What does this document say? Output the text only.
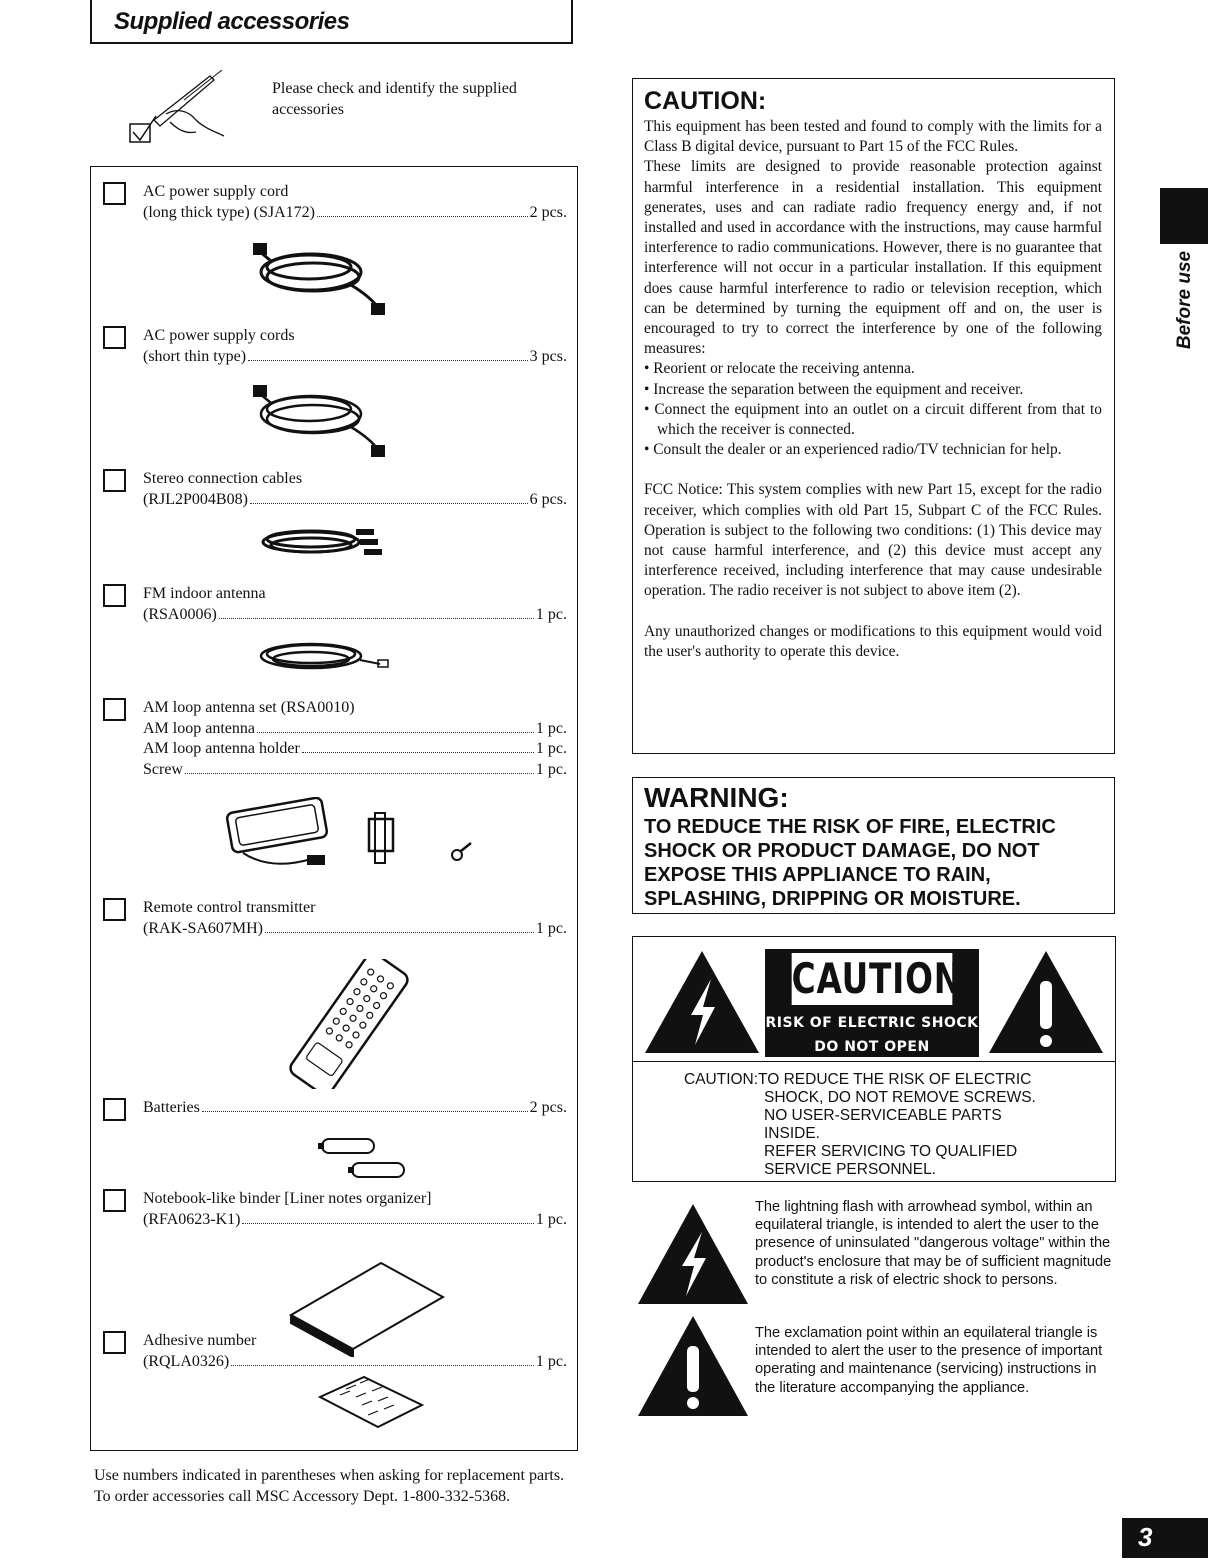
Supplied accessories
Please check and identify the supplied accessories
AC power supply cord
(long thick type) (SJA172)	2 pcs.
AC power supply cords
(short thin type)	3 pcs.
Stereo connection cables
(RJL2P004B08)	6 pcs.
FM indoor antenna
(RSA0006)	1 pc.
AM loop antenna set (RSA0010)
AM loop antenna	1 pc.
AM loop antenna holder	1 pc.
Screw	1 pc.
Remote control transmitter
(RAK-SA607MH)	1 pc.
Batteries	2 pcs.
Notebook-like binder [Liner notes organizer]
(RFA0623-K1)	1 pc.
Adhesive number
(RQLA0326)	1 pc.

Use numbers indicated in parentheses when asking for replacement parts.

To order accessories call MSC Accessory Dept. 1-800-332-5368.

CAUTION:

This equipment has been tested and found to comply with the limits for a Class B digital device, pursuant to Part 15 of the FCC Rules.

These limits are designed to provide reasonable protection against harmful interference in a residential installation. This equipment generates, uses and can radiate radio frequency energy and, if not installed and used in accordance with the instructions, may cause harmful interference to radio communications. However, there is no guarantee that interference will not occur in a particular installation. If this equipment does cause harmful interference to radio or television reception, which can be determined by turning the equipment off and on, the user is encouraged to try to correct the interference by one of the following measures:

• Reorient or relocate the receiving antenna.

• Increase the separation between the equipment and receiver.

• Connect the equipment into an outlet on a circuit different from that to which the receiver is connected.

• Consult the dealer or an experienced radio/TV technician for help.

FCC Notice: This system complies with new Part 15, except for the radio receiver, which complies with old Part 15, Subpart C of the FCC Rules. Operation is subject to the following two conditions: (1) This device may not cause harmful interference, and (2) this device must accept any interference received, including interference that may cause undesirable operation. The radio receiver is not subject to above item (2).

Any unauthorized changes or modifications to this equipment would void the user's authority to operate this device.

WARNING:
TO REDUCE THE RISK OF FIRE, ELECTRIC SHOCK OR PRODUCT DAMAGE, DO NOT EXPOSE THIS APPLIANCE TO RAIN, SPLASHING, DRIPPING OR MOISTURE.
CAUTION
RISK OF ELECTRIC SHOCK
DO NOT OPEN
CAUTION:TO REDUCE THE RISK OF ELECTRIC
SHOCK, DO NOT REMOVE SCREWS.
NO USER-SERVICEABLE PARTS
INSIDE.
REFER SERVICING TO QUALIFIED
SERVICE PERSONNEL.
The lightning flash with arrowhead symbol, within an equilateral triangle, is intended to alert the user to the presence of uninsulated "dangerous voltage" within the product's enclosure that may be of sufficient magnitude to constitute a risk of electric shock to persons.
The exclamation point within an equilateral triangle is intended to alert the user to the presence of important operating and maintenance (servicing) instructions in the literature accompanying the appliance.
Before use
3
